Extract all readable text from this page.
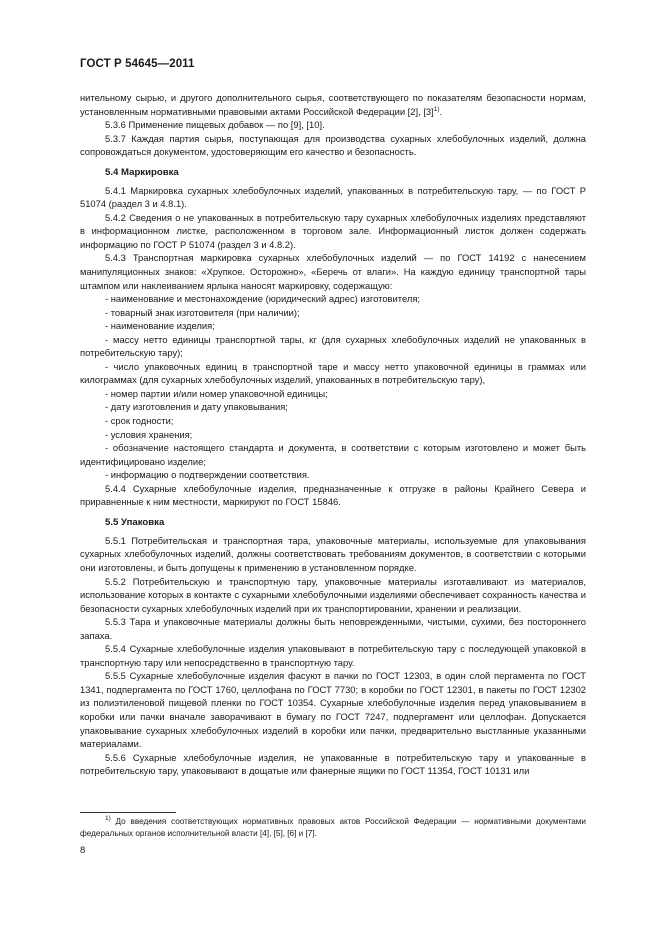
ГОСТ Р 54645—2011

нительному сырью, и другого дополнительного сырья, соответствующего по показателям безопасности нормам, установленным нормативными правовыми актами Российской Федерации [2], $[3]^{1)}$.

5.3.6 Применение пищевых добавок — по [9], [10].

5.3.7 Каждая партия сырья, поступающая для производства сухарных хлебобулочных изделий, должна сопровождаться документом, удостоверяющим его качество и безопасность.

5.4 Маркировка

5.4.1 Маркировка сухарных хлебобулочных изделий, упакованных в потребительскую тару, — по ГОСТ Р 51074 (раздел 3 и 4.8.1).

5.4.2 Сведения о не упакованных в потребительскую тару сухарных хлебобулочных изделиях представляют в информационном листке, расположенном в торговом зале. Информационный листок должен содержать информацию по ГОСТ Р 51074 (раздел 3 и 4.8.2).

5.4.3 Транспортная маркировка сухарных хлебобулочных изделий — по ГОСТ 14192 с нанесением манипуляционных знаков: «Хрупкое. Осторожно», «Беречь от влаги». На каждую единицу транспортной тары штампом или наклеиванием ярлыка наносят маркировку, содержащую:

- наименование и местонахождение (юридический адрес) изготовителя;

- товарный знак изготовителя (при наличии);

- наименование изделия;

- массу нетто единицы транспортной тары, кг (для сухарных хлебобулочных изделий не упакованных в потребительскую тару);

- число упаковочных единиц в транспортной таре и массу нетто упаковочной единицы в граммах или килограммах (для сухарных хлебобулочных изделий, упакованных в потребительскую тару),

- номер партии и/или номер упаковочной единицы;

- дату изготовления и дату упаковывания;

- срок годности;

- условия хранения;

- обозначение настоящего стандарта и документа, в соответствии с которым изготовлено и может быть идентифицировано изделие;

- информацию о подтверждении соответствия.

5.4.4 Сухарные хлебобулочные изделия, предназначенные к отгрузке в районы Крайнего Севера и приравненные к ним местности, маркируют по ГОСТ 15846.

5.5 Упаковка

5.5.1 Потребительская и транспортная тара, упаковочные материалы, используемые для упаковывания сухарных хлебобулочных изделий, должны соответствовать требованиям документов, в соответствии с которыми они изготовлены, и быть допущены к применению в установленном порядке.

5.5.2 Потребительскую и транспортную тару, упаковочные материалы изготавливают из материалов, использование которых в контакте с сухарными хлебобулочными изделиями обеспечивает сохранность качества и безопасности сухарных хлебобулочных изделий при их транспортировании, хранении и реализации.

5.5.3 Тара и упаковочные материалы должны быть неповрежденными, чистыми, сухими, без постороннего запаха.

5.5.4 Сухарные хлебобулочные изделия упаковывают в потребительскую тару с последующей упаковкой в транспортную тару или непосредственно в транспортную тару.

5.5.5 Сухарные хлебобулочные изделия фасуют в пачки по ГОСТ 12303, в один слой пергамента по ГОСТ 1341, подпергамента по ГОСТ 1760, целлофана по ГОСТ 7730; в коробки по ГОСТ 12301, в пакеты по ГОСТ 12302 из полиэтиленовой пищевой пленки по ГОСТ 10354. Сухарные хлебобулочные изделия перед упаковыванием в коробки или пачки вначале заворачивают в бумагу по ГОСТ 7247, подпергамент или целлофан. Допускается упаковывание сухарных хлебобулочных изделий в коробки или пачки, предварительно выстланные указанными материалами.

5.5.6 Сухарные хлебобулочные изделия, не упакованные в потребительскую тару и упакованные в потребительскую тару, упаковывают в дощатые или фанерные ящики по ГОСТ 11354, ГОСТ 10131 или

$^{1)}$ До введения соответствующих нормативных правовых актов Российской Федерации — нормативными документами федеральных органов исполнительной власти [4], [5], [6] и [7].
8
